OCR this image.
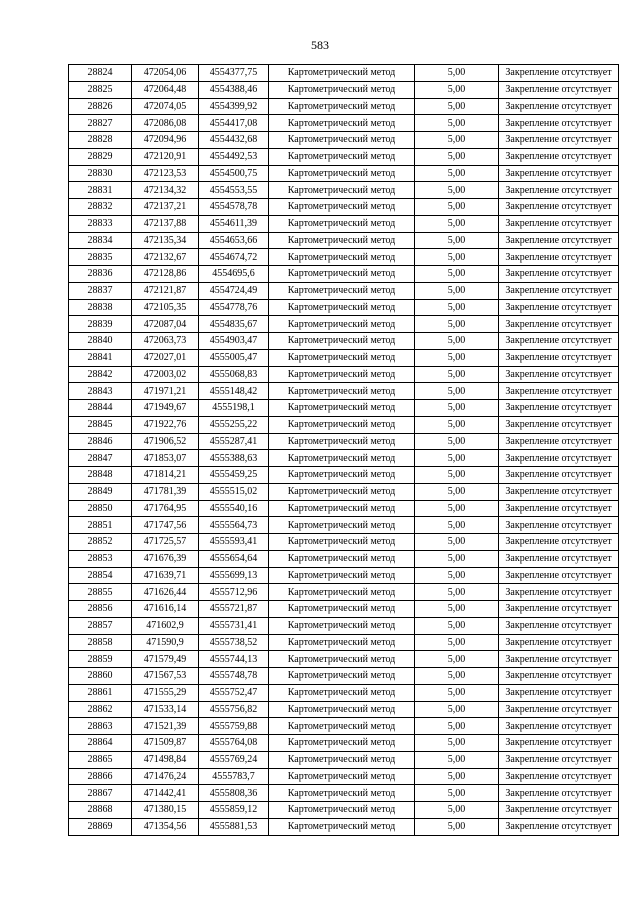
583
28824	472054,06	4554377,75	Картометрический метод	5,00	Закрепление отсутствует
28825	472064,48	4554388,46	Картометрический метод	5,00	Закрепление отсутствует
28826	472074,05	4554399,92	Картометрический метод	5,00	Закрепление отсутствует
28827	472086,08	4554417,08	Картометрический метод	5,00	Закрепление отсутствует
28828	472094,96	4554432,68	Картометрический метод	5,00	Закрепление отсутствует
28829	472120,91	4554492,53	Картометрический метод	5,00	Закрепление отсутствует
28830	472123,53	4554500,75	Картометрический метод	5,00	Закрепление отсутствует
28831	472134,32	4554553,55	Картометрический метод	5,00	Закрепление отсутствует
28832	472137,21	4554578,78	Картометрический метод	5,00	Закрепление отсутствует
28833	472137,88	4554611,39	Картометрический метод	5,00	Закрепление отсутствует
28834	472135,34	4554653,66	Картометрический метод	5,00	Закрепление отсутствует
28835	472132,67	4554674,72	Картометрический метод	5,00	Закрепление отсутствует
28836	472128,86	4554695,6	Картометрический метод	5,00	Закрепление отсутствует
28837	472121,87	4554724,49	Картометрический метод	5,00	Закрепление отсутствует
28838	472105,35	4554778,76	Картометрический метод	5,00	Закрепление отсутствует
28839	472087,04	4554835,67	Картометрический метод	5,00	Закрепление отсутствует
28840	472063,73	4554903,47	Картометрический метод	5,00	Закрепление отсутствует
28841	472027,01	4555005,47	Картометрический метод	5,00	Закрепление отсутствует
28842	472003,02	4555068,83	Картометрический метод	5,00	Закрепление отсутствует
28843	471971,21	4555148,42	Картометрический метод	5,00	Закрепление отсутствует
28844	471949,67	4555198,1	Картометрический метод	5,00	Закрепление отсутствует
28845	471922,76	4555255,22	Картометрический метод	5,00	Закрепление отсутствует
28846	471906,52	4555287,41	Картометрический метод	5,00	Закрепление отсутствует
28847	471853,07	4555388,63	Картометрический метод	5,00	Закрепление отсутствует
28848	471814,21	4555459,25	Картометрический метод	5,00	Закрепление отсутствует
28849	471781,39	4555515,02	Картометрический метод	5,00	Закрепление отсутствует
28850	471764,95	4555540,16	Картометрический метод	5,00	Закрепление отсутствует
28851	471747,56	4555564,73	Картометрический метод	5,00	Закрепление отсутствует
28852	471725,57	4555593,41	Картометрический метод	5,00	Закрепление отсутствует
28853	471676,39	4555654,64	Картометрический метод	5,00	Закрепление отсутствует
28854	471639,71	4555699,13	Картометрический метод	5,00	Закрепление отсутствует
28855	471626,44	4555712,96	Картометрический метод	5,00	Закрепление отсутствует
28856	471616,14	4555721,87	Картометрический метод	5,00	Закрепление отсутствует
28857	471602,9	4555731,41	Картометрический метод	5,00	Закрепление отсутствует
28858	471590,9	4555738,52	Картометрический метод	5,00	Закрепление отсутствует
28859	471579,49	4555744,13	Картометрический метод	5,00	Закрепление отсутствует
28860	471567,53	4555748,78	Картометрический метод	5,00	Закрепление отсутствует
28861	471555,29	4555752,47	Картометрический метод	5,00	Закрепление отсутствует
28862	471533,14	4555756,82	Картометрический метод	5,00	Закрепление отсутствует
28863	471521,39	4555759,88	Картометрический метод	5,00	Закрепление отсутствует
28864	471509,87	4555764,08	Картометрический метод	5,00	Закрепление отсутствует
28865	471498,84	4555769,24	Картометрический метод	5,00	Закрепление отсутствует
28866	471476,24	4555783,7	Картометрический метод	5,00	Закрепление отсутствует
28867	471442,41	4555808,36	Картометрический метод	5,00	Закрепление отсутствует
28868	471380,15	4555859,12	Картометрический метод	5,00	Закрепление отсутствует
28869	471354,56	4555881,53	Картометрический метод	5,00	Закрепление отсутствует
